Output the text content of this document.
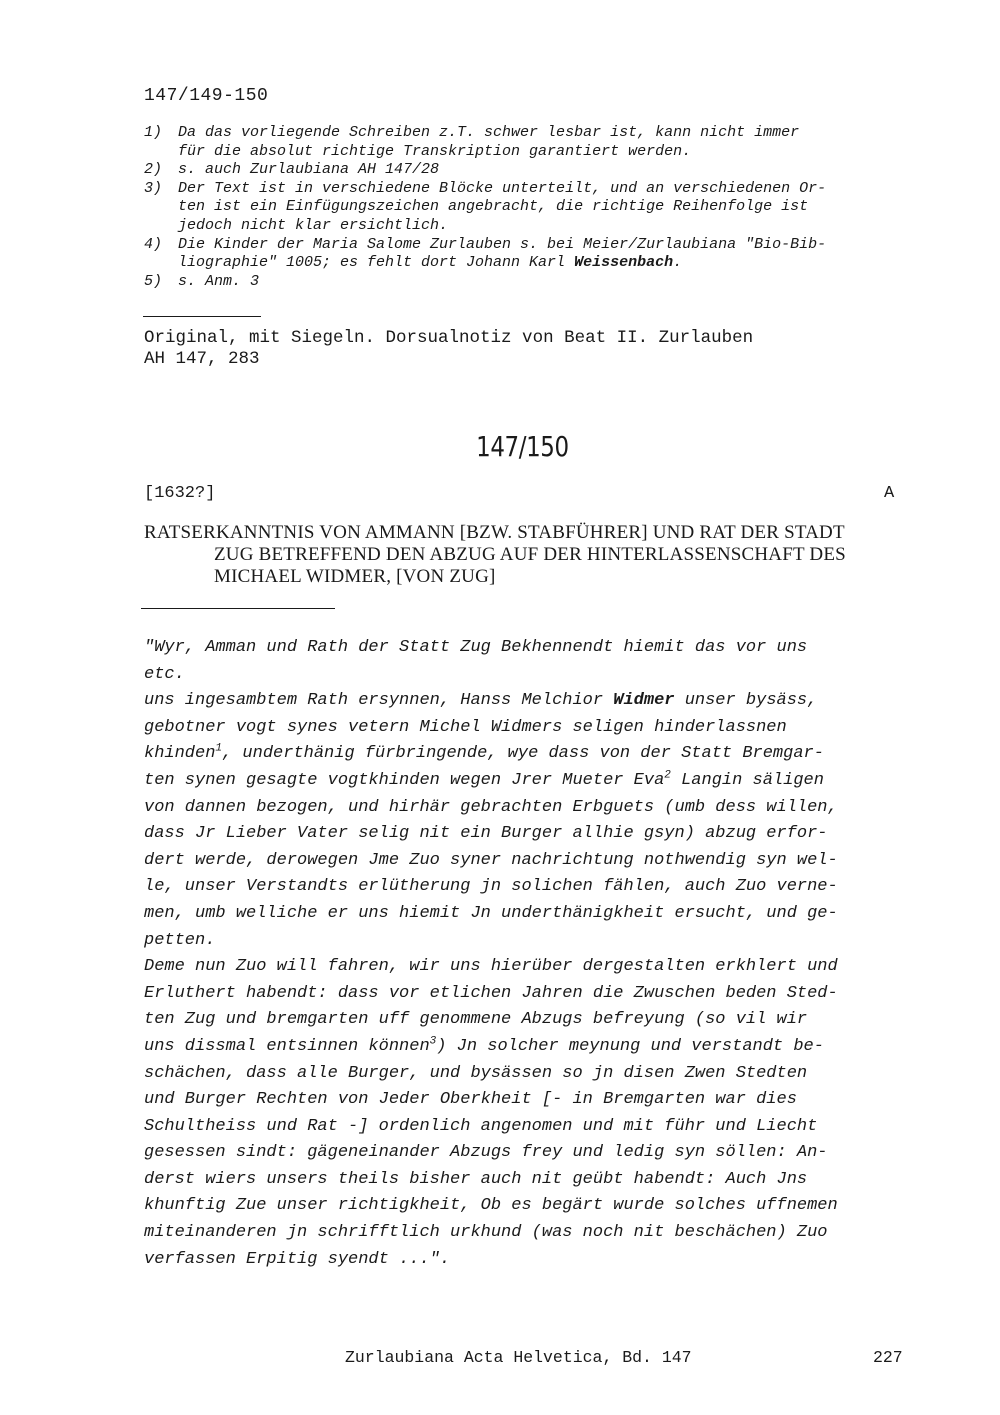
147/149-150
1)	Da das vorliegende Schreiben z.T. schwer lesbar ist, kann nicht immer
für die absolut richtige Transkription garantiert werden.
2)	s. auch Zurlaubiana AH 147/28
3)	Der Text ist in verschiedene Blöcke unterteilt, und an verschiedenen Or-
ten ist ein Einfügungszeichen angebracht, die richtige Reihenfolge ist
jedoch nicht klar ersichtlich.
4)	Die Kinder der Maria Salome Zurlauben s. bei Meier/Zurlaubiana "Bio-Bib-
liographie" 1005; es fehlt dort Johann Karl Weissenbach.
5)	s. Anm. 3
Original, mit Siegeln. Dorsualnotiz von Beat II. Zurlauben
AH 147, 283
147/150
[1632?]	A
RATSERKANNTNIS VON AMMANN [BZW. STABFÜHRER] UND RAT DER STADT
ZUG BETREFFEND DEN ABZUG AUF DER HINTERLASSENSCHAFT DES
MICHAEL WIDMER, [VON ZUG]
"Wyr, Amman und Rath der Statt Zug Bekhennendt hiemit das vor uns
etc.
uns ingesambtem Rath ersynnen, Hanss Melchior Widmer unser bysäss,
gebotner vogt synes vetern Michel Widmers seligen hinderlassnen
khinden$^1$, underthänig fürbringende, wye dass von der Statt Bremgar-
ten synen gesagte vogtkhinden wegen Jrer Mueter Eva$^2$ Langin säligen
von dannen bezogen, und hirhär gebrachten Erbguets (umb dess willen,
dass Jr Lieber Vater selig nit ein Burger allhie gsyn) abzug erfor-
dert werde, derowegen Jme Zuo syner nachrichtung nothwendig syn wel-
le, unser Verstandts erlütherung jn solichen fählen, auch Zuo verne-
men, umb welliche er uns hiemit Jn underthänigkheit ersucht, und ge-
petten.
Deme nun Zuo will fahren, wir uns hierüber dergestalten erkhlert und
Erluthert habendt: dass vor etlichen Jahren die Zwuschen beden Sted-
ten Zug und bremgarten uff genommene Abzugs befreyung (so vil wir
uns dissmal entsinnen können$^3$) Jn solcher meynung und verstandt be-
schächen, dass alle Burger, und bysässen so jn disen Zwen Stedten
und Burger Rechten von Jeder Oberkheit [- in Bremgarten war dies
Schultheiss und Rat -] ordenlich angenomen und mit führ und Liecht
gesessen sindt: gägeneinander Abzugs frey und ledig syn söllen: An-
derst wiers unsers theils bisher auch nit geübt habendt: Auch Jns
khunftig Zue unser richtigkheit, Ob es begärt wurde solches uffnemen
miteinanderen jn schrifftlich urkhund (was noch nit beschächen) Zuo
verfassen Erpitig syendt ...".
Zurlaubiana Acta Helvetica, Bd. 147	227
